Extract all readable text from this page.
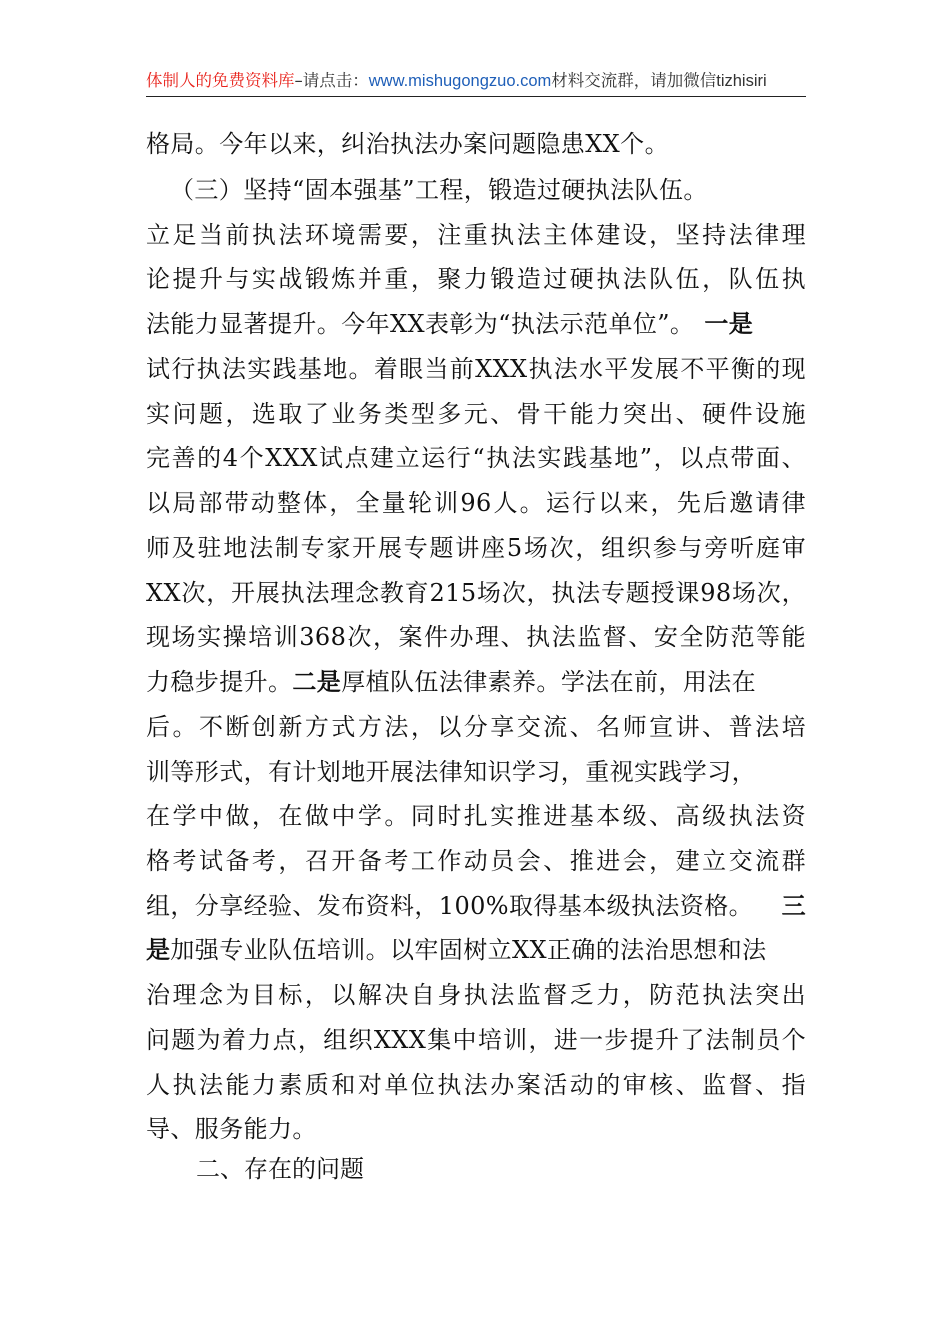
体制人的免费资料库–请点击：www.mishugongzuo.com材料交流群，请加微信tizhisiri
格局。今年以来，纠治执法办案问题隐患XX个。
（三）坚持“固本强基”工程，锻造过硬执法队伍。
立足当前执法环境需要，注重执法主体建设，坚持法律理
论提升与实战锻炼并重，聚力锻造过硬执法队伍，队伍执
法能力显著提升。今年XX表彰为“执法示范单位”。 一是
试行执法实践基地。着眼当前XXX执法水平发展不平衡的现
实问题，选取了业务类型多元、骨干能力突出、硬件设施
完善的4个XXX试点建立运行“执法实践基地”，以点带面、
以局部带动整体，全量轮训96人。运行以来，先后邀请律
师及驻地法制专家开展专题讲座5场次，组织参与旁听庭审
XX次，开展执法理念教育215场次，执法专题授课98场次，
现场实操培训368次，案件办理、执法监督、安全防范等能
力稳步提升。二是厚植队伍法律素养。学法在前，用法在
后。不断创新方式方法，以分享交流、名师宣讲、普法培
训等形式，有计划地开展法律知识学习，重视实践学习，
在学中做，在做中学。同时扎实推进基本级、高级执法资
格考试备考，召开备考工作动员会、推进会，建立交流群
组，分享经验、发布资料，100%取得基本级执法资格。 三
是加强专业队伍培训。以牢固树立XX正确的法治思想和法
治理念为目标，以解决自身执法监督乏力，防范执法突出
问题为着力点，组织XXX集中培训，进一步提升了法制员个
人执法能力素质和对单位执法办案活动的审核、监督、指
导、服务能力。
二、存在的问题
